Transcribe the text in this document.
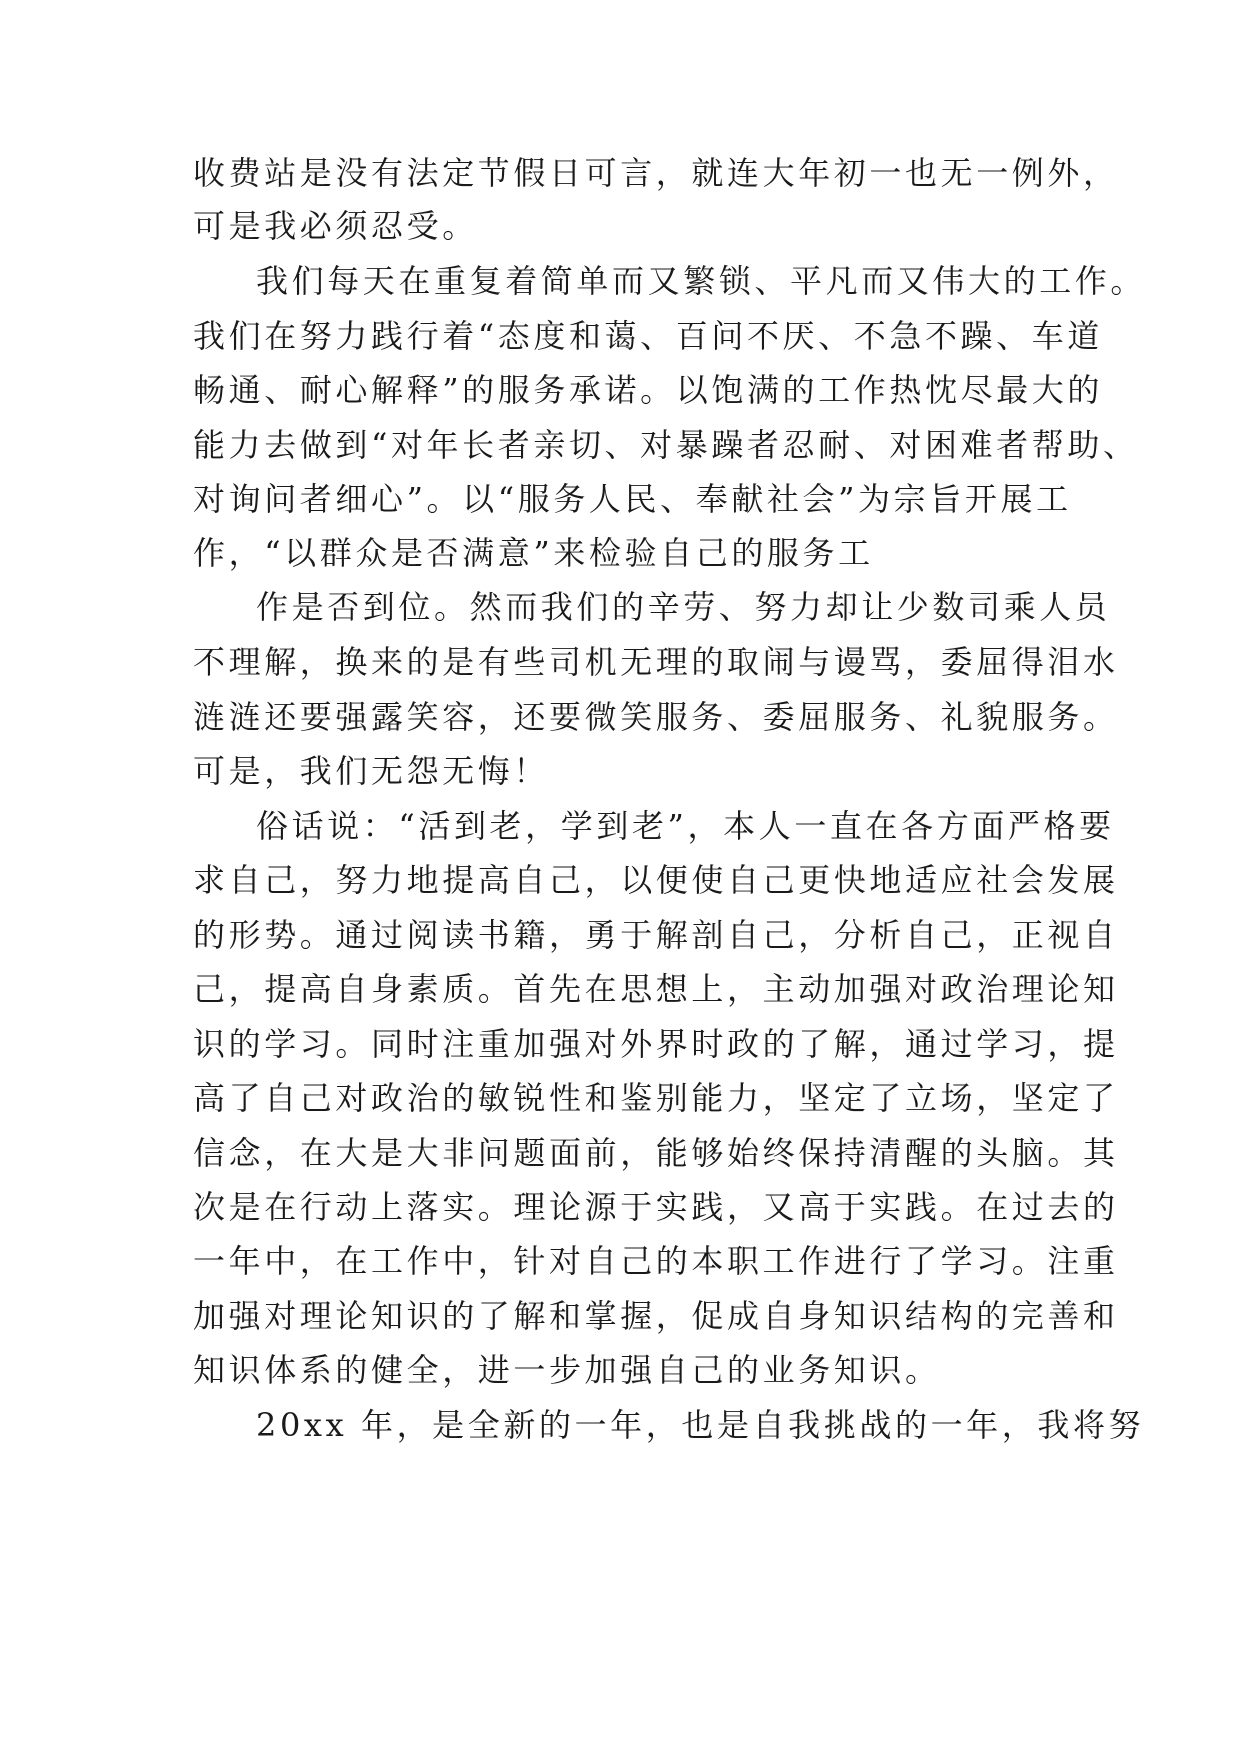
收费站是没有法定节假日可言，就连大年初一也无一例外，
可是我必须忍受。
我们每天在重复着简单而又繁锁、平凡而又伟大的工作。
我们在努力践行着“态度和蔼、百问不厌、不急不躁、车道
畅通、耐心解释”的服务承诺。以饱满的工作热忱尽最大的
能力去做到“对年长者亲切、对暴躁者忍耐、对困难者帮助、
对询问者细心”。以“服务人民、奉献社会”为宗旨开展工
作，“以群众是否满意”来检验自己的服务工
作是否到位。然而我们的辛劳、努力却让少数司乘人员
不理解，换来的是有些司机无理的取闹与谩骂，委屈得泪水
涟涟还要强露笑容，还要微笑服务、委屈服务、礼貌服务。
可是，我们无怨无悔！
俗话说：“活到老，学到老”，本人一直在各方面严格要
求自己，努力地提高自己，以便使自己更快地适应社会发展
的形势。通过阅读书籍，勇于解剖自己，分析自己，正视自
己，提高自身素质。首先在思想上，主动加强对政治理论知
识的学习。同时注重加强对外界时政的了解，通过学习，提
高了自己对政治的敏锐性和鉴别能力，坚定了立场，坚定了
信念，在大是大非问题面前，能够始终保持清醒的头脑。其
次是在行动上落实。理论源于实践，又高于实践。在过去的
一年中，在工作中，针对自己的本职工作进行了学习。注重
加强对理论知识的了解和掌握，促成自身知识结构的完善和
知识体系的健全，进一步加强自己的业务知识。
20xx 年，是全新的一年，也是自我挑战的一年，我将努
